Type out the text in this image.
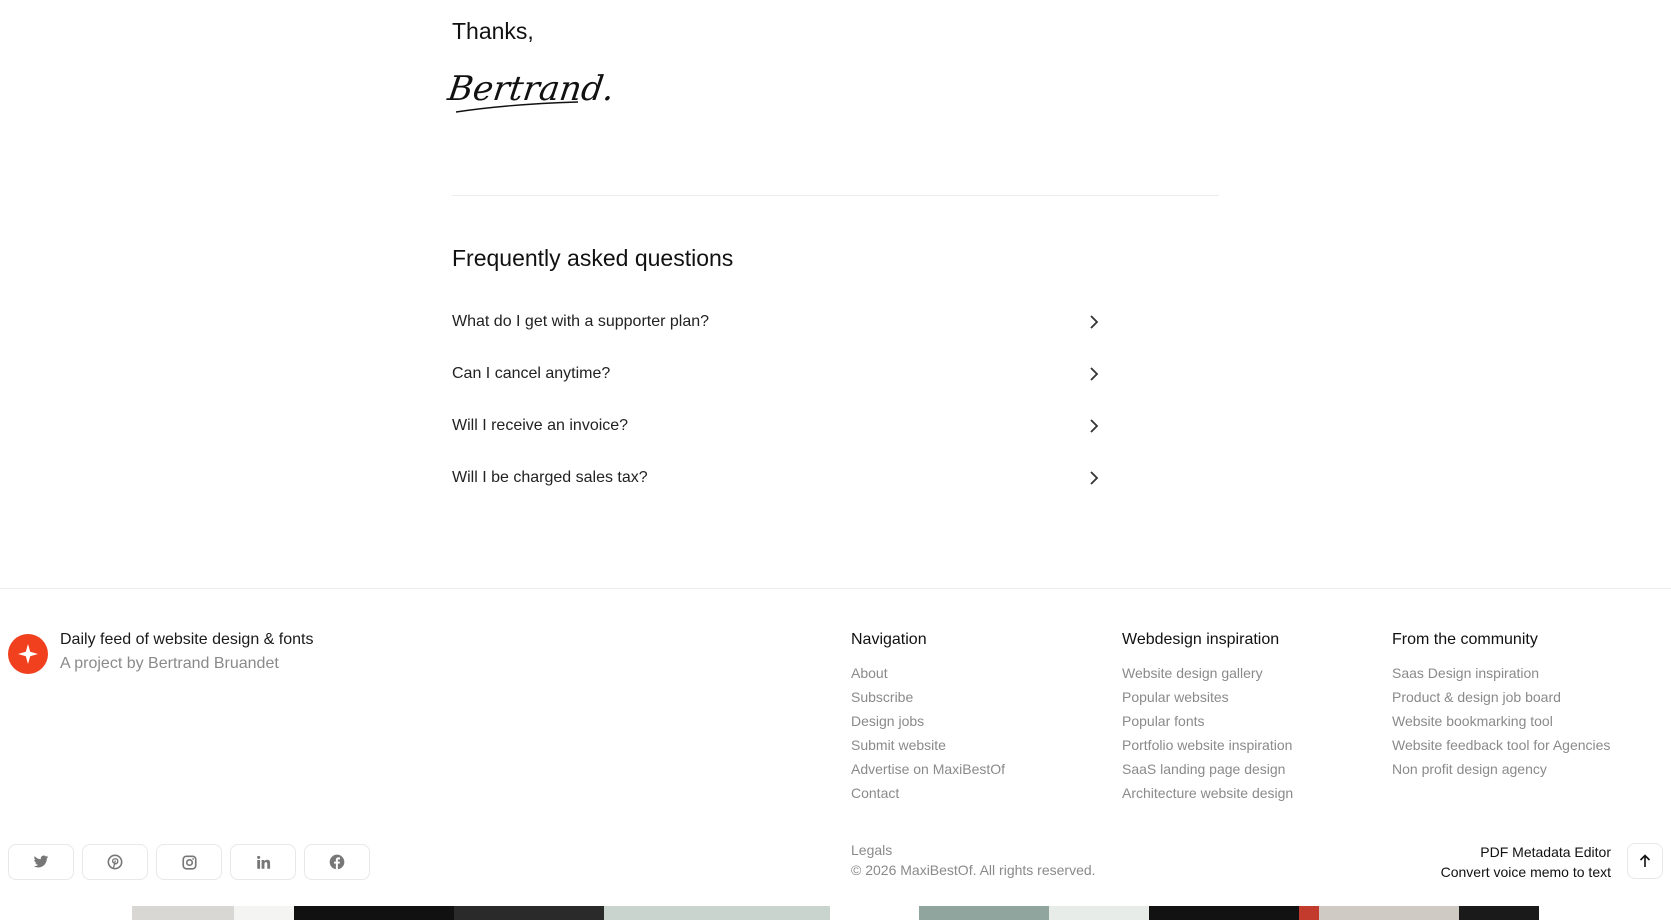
Thanks,
Bertrand.
Frequently asked questions
What do I get with a supporter plan?
Can I cancel anytime?
Will I receive an invoice?
Will I be charged sales tax?
Daily feed of website design & fonts
A project by Bertrand Bruandet
Navigation
About
Subscribe
Design jobs
Submit website
Advertise on MaxiBestOf
Contact
Webdesign inspiration
Website design gallery
Popular websites
Popular fonts
Portfolio website inspiration
SaaS landing page design
Architecture website design
From the community
Saas Design inspiration
Product & design job board
Website bookmarking tool
Website feedback tool for Agencies
Non profit design agency
Legals
© 2026 MaxiBestOf. All rights reserved.
PDF Metadata Editor
Convert voice memo to text
